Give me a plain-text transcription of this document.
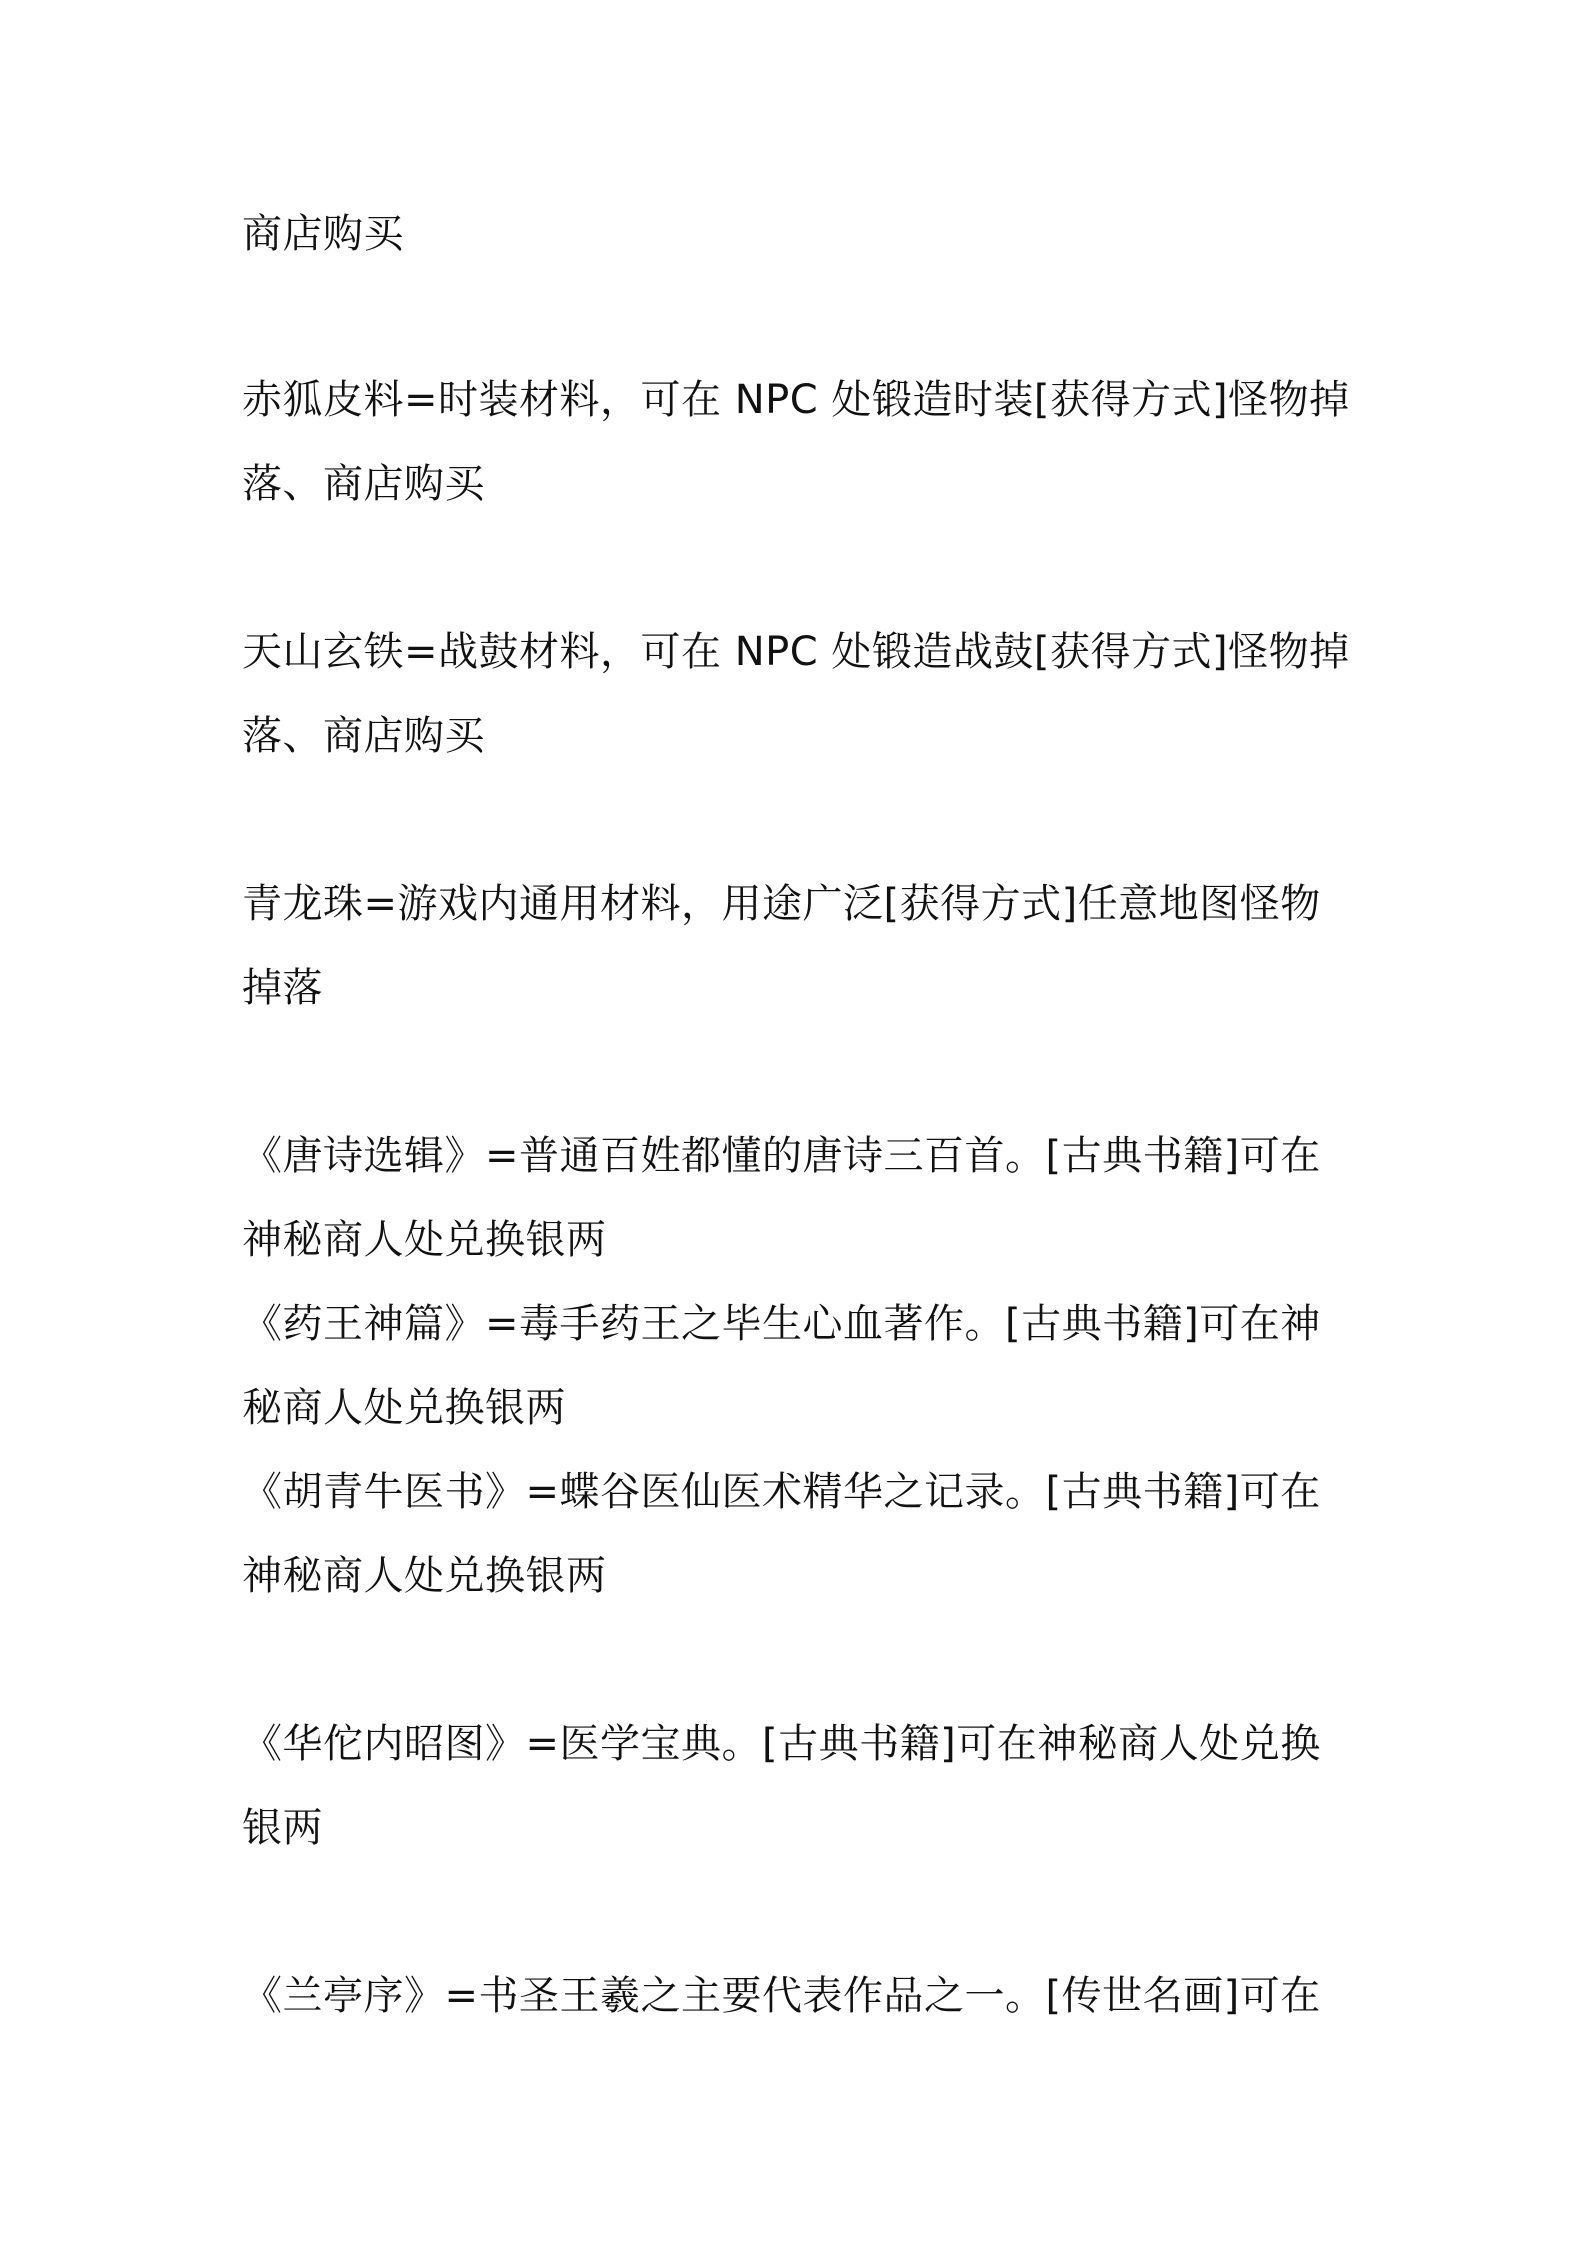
商店购买
赤狐皮料=时装材料，可在 NPC 处锻造时装[获得方式]怪物掉
落、商店购买
天山玄铁=战鼓材料，可在 NPC 处锻造战鼓[获得方式]怪物掉
落、商店购买
青龙珠=游戏内通用材料，用途广泛[获得方式]任意地图怪物
掉落
《唐诗选辑》=普通百姓都懂的唐诗三百首。[古典书籍]可在
神秘商人处兑换银两
《药王神篇》=毒手药王之毕生心血著作。[古典书籍]可在神
秘商人处兑换银两
《胡青牛医书》=蝶谷医仙医术精华之记录。[古典书籍]可在
神秘商人处兑换银两
《华佗内昭图》=医学宝典。[古典书籍]可在神秘商人处兑换
银两
《兰亭序》=书圣王羲之主要代表作品之一。[传世名画]可在
